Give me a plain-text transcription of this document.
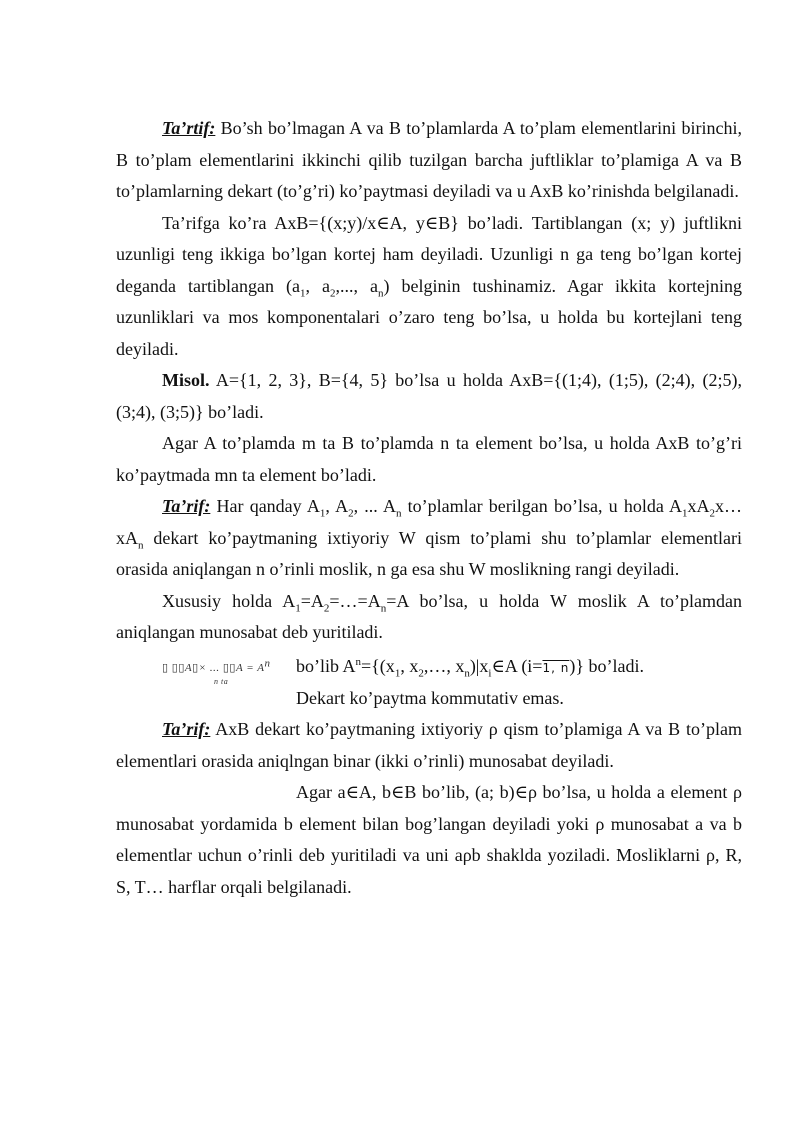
Ta’rtif: Bo’sh bo’lmagan A va B to’plamlarda A to’plam elementlarini birinchi, B to’plam elementlarini ikkinchi qilib tuzilgan barcha juftliklar to’plamiga A va B to’plamlarning dekart (to’g’ri) ko’paytmasi deyiladi va u AxB ko’rinishda belgilanadi.

Ta’rifga ko’ra AxB={(x;y)/x∈A, y∈B} bo’ladi. Tartiblangan (x; y) juftlikni uzunligi teng ikkiga bo’lgan kortej ham deyiladi. Uzunligi n ga teng bo’lgan kortej deganda tartiblangan ($a_1$, $a_2$,..., $a_n$) belginin tushinamiz. Agar ikkita kortejning uzunliklari va mos komponentalari o’zaro teng bo’lsa, u holda bu kortejlani teng deyiladi.

Misol. A={1, 2, 3}, B={4, 5} bo’lsa u holda AxB={(1;4), (1;5), (2;4), (2;5), (3;4), (3;5)} bo’ladi.

Agar A to’plamda m ta B to’plamda n ta element bo’lsa, u holda AxB to’g’ri ko’paytmada mn ta element bo’ladi.

Ta’rif: Har qanday $A_1$, $A_2$, ... $A_n$ to’plamlar berilgan bo’lsa, u holda $A_1xA_2x\dots xA_n$ dekart ko’paytmaning ixtiyoriy W qism to’plami shu to’plamlar elementlari orasida aniqlangan n o’rinli moslik, n ga esa shu W moslikning rangi deyiladi.

Xususiy holda $A_1=A_2=\dots=A_n=A$ bo’lsa, u holda W moslik A to’plamdan aniqlangan munosabat deb yuritiladi.

▯ ▯▯A▯× ... ▯▯A = $A^n$
n ta
bo’lib $A^n=\{(x_1$, $x_2,\dots$, $x_n)|x_i\in A$ (i=1, n)} bo’ladi.

Dekart ko’paytma kommutativ emas.

Ta’rif: AxB dekart ko’paytmaning ixtiyoriy ρ qism to’plamiga A va B to’plam elementlari orasida aniqlngan binar (ikki o’rinli) munosabat deyiladi.

Agar a∈A, b∈B bo’lib, (a; b)∈ρ bo’lsa, u holda a element ρ munosabat yordamida b element bilan bog’langan deyiladi yoki ρ munosabat a va b elementlar uchun o’rinli deb yuritiladi va uni aρb shaklda yoziladi. Mosliklarni ρ, R, S, T… harflar orqali belgilanadi.
